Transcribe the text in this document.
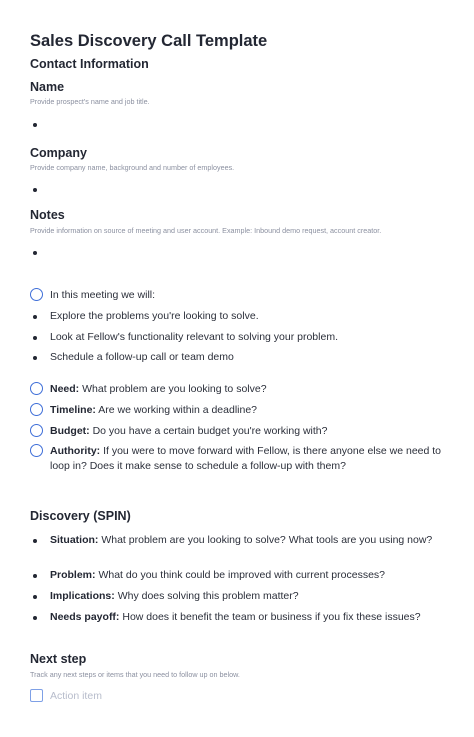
Sales Discovery Call Template
Contact Information
Name
Provide prospect's name and job title.
Company
Provide company name, background and number of employees.
Notes
Provide information on source of meeting and user account. Example: Inbound demo request, account creator.
In this meeting we will:
Explore the problems you're looking to solve.
Look at Fellow's functionality relevant to solving your problem.
Schedule a follow-up call or team demo
Need: What problem are you looking to solve?
Timeline: Are we working within a deadline?
Budget: Do you have a certain budget you're working with?
Authority: If you were to move forward with Fellow, is there anyone else we need to loop in? Does it make sense to schedule a follow-up with them?
Discovery (SPIN)
Situation: What problem are you looking to solve? What tools are you using now?
Problem: What do you think could be improved with current processes?
Implications: Why does solving this problem matter?
Needs payoff: How does it benefit the team or business if you fix these issues?
Next step
Track any next steps or items that you need to follow up on below.
Action item
